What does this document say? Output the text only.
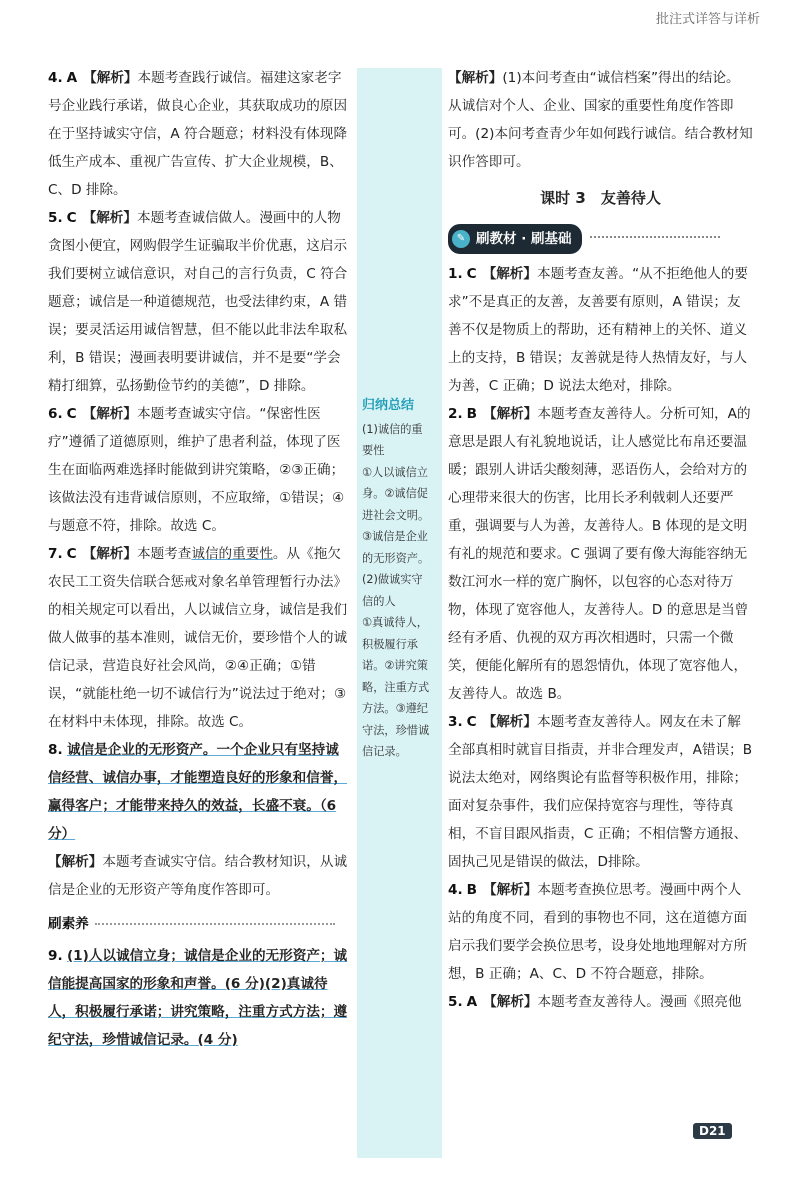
批注式详答与详析
归纳总结
(1)诚信的重
要性
①人以诚信立
身。②诚信促
进社会文明。
③诚信是企业
的无形资产。
(2)做诚实守
信的人
①真诚待人，
积极履行承
诺。②讲究策
略，注重方式
方法。③遵纪
守法，珍惜诚
信记录。

4. A 【解析】本题考查践行诚信。福建这家老字号企业践行承诺，做良心企业，其获取成功的原因在于坚持诚实守信，A 符合题意；材料没有体现降低生产成本、重视广告宣传、扩大企业规模，B、C、D 排除。

5. C 【解析】本题考查诚信做人。漫画中的人物贪图小便宜，网购假学生证骗取半价优惠，这启示我们要树立诚信意识，对自己的言行负责，C 符合题意；诚信是一种道德规范，也受法律约束，A 错误；要灵活运用诚信智慧，但不能以此非法牟取私利，B 错误；漫画表明要讲诚信，并不是要“学会精打细算，弘扬勤俭节约的美德”，D 排除。

6. C 【解析】本题考查诚实守信。“保密性医疗”遵循了道德原则，维护了患者利益，体现了医生在面临两难选择时能做到讲究策略，②③正确；该做法没有违背诚信原则，不应取缔，①错误；④与题意不符，排除。故选 C。

7. C 【解析】本题考查诚信的重要性。从《拖欠农民工工资失信联合惩戒对象名单管理暂行办法》的相关规定可以看出，人以诚信立身，诚信是我们做人做事的基本准则，诚信无价，要珍惜个人的诚信记录，营造良好社会风尚，②④正确；①错误，“就能杜绝一切不诚信行为”说法过于绝对；③在材料中未体现，排除。故选 C。

8. 诚信是企业的无形资产。一个企业只有坚持诚信经营、诚信办事，才能塑造良好的形象和信誉，赢得客户；才能带来持久的效益，长盛不衰。（6 分）

【解析】本题考查诚实守信。结合教材知识，从诚信是企业的无形资产等角度作答即可。

刷素养

9. (1)人以诚信立身；诚信是企业的无形资产；诚信能提高国家的形象和声誉。(6 分)(2)真诚待人，积极履行承诺；讲究策略，注重方式方法；遵纪守法，珍惜诚信记录。(4 分)

【解析】(1)本问考查由“诚信档案”得出的结论。从诚信对个人、企业、国家的重要性角度作答即可。(2)本问考查青少年如何践行诚信。结合教材知识作答即可。

课时 3　友善待人
✎ 刷教材 · 刷基础

1. C 【解析】本题考查友善。“从不拒绝他人的要求”不是真正的友善，友善要有原则，A 错误；友善不仅是物质上的帮助，还有精神上的关怀、道义上的支持，B 错误；友善就是待人热情友好，与人为善，C 正确；D 说法太绝对，排除。

2. B 【解析】本题考查友善待人。分析可知，A的意思是跟人有礼貌地说话，让人感觉比布帛还要温暖；跟别人讲话尖酸刻薄，恶语伤人，会给对方的心理带来很大的伤害，比用长矛利戟刺人还要严重，强调要与人为善，友善待人。B 体现的是文明有礼的规范和要求。C 强调了要有像大海能容纳无数江河水一样的宽广胸怀，以包容的心态对待万物，体现了宽容他人，友善待人。D 的意思是当曾经有矛盾、仇视的双方再次相遇时，只需一个微笑，便能化解所有的恩怨情仇，体现了宽容他人，友善待人。故选 B。

3. C 【解析】本题考查友善待人。网友在未了解全部真相时就盲目指责，并非合理发声，A错误；B 说法太绝对，网络舆论有监督等积极作用，排除；面对复杂事件，我们应保持宽容与理性，等待真相，不盲目跟风指责，C 正确；不相信警方通报、固执己见是错误的做法，D排除。

4. B 【解析】本题考查换位思考。漫画中两个人站的角度不同，看到的事物也不同，这在道德方面启示我们要学会换位思考，设身处地地理解对方所想，B 正确；A、C、D 不符合题意，排除。

5. A 【解析】本题考查友善待人。漫画《照亮他

D21
